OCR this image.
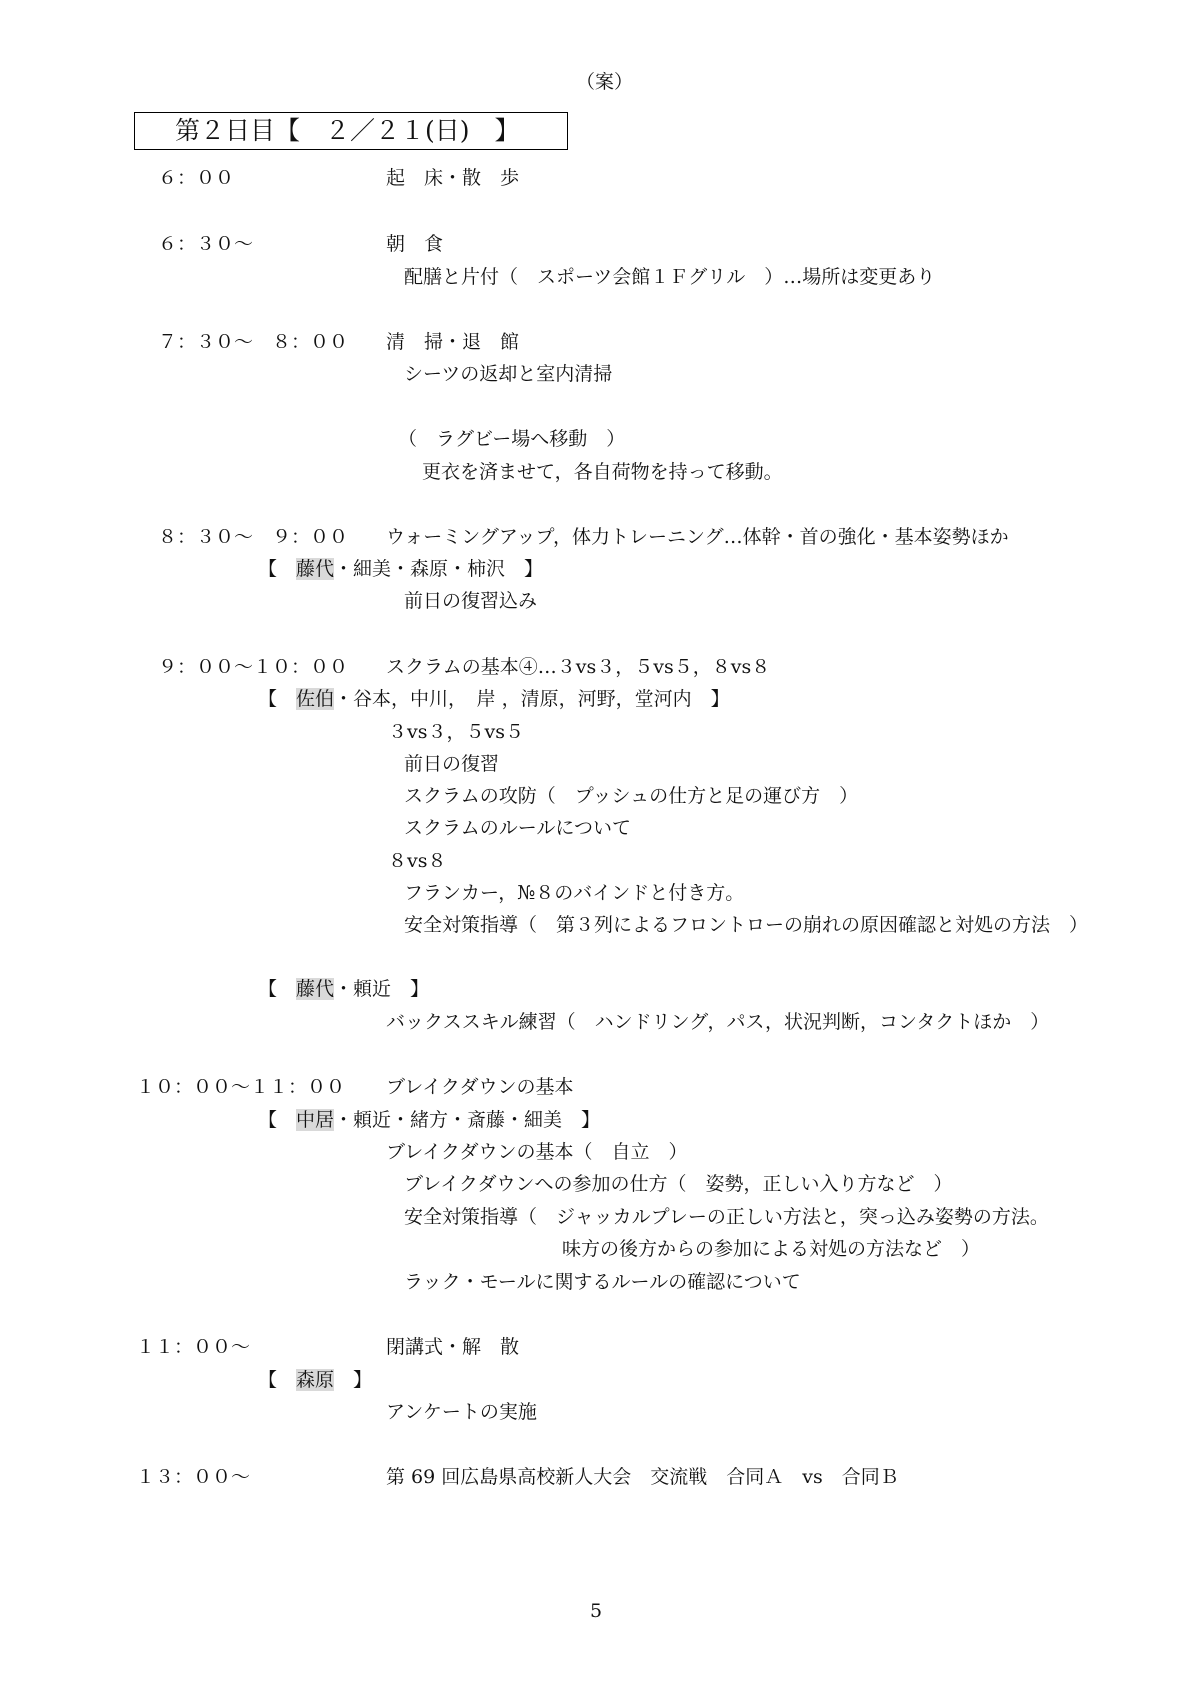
（案）
第２日目【　２／２１(日)　】
６：００	起　床・散　歩
６：３０～	朝　食
配膳と片付（　スポーツ会館１Ｆグリル　）…場所は変更あり
７：３０～　８：００ 清　掃・退　館
シーツの返却と室内清掃
（　ラグビー場へ移動　）
更衣を済ませて，各自荷物を持って移動。
８：３０～　９：００ ウォーミングアップ，体力トレーニング…体幹・首の強化・基本姿勢ほか
【　藤代・細美・森原・柿沢　】
前日の復習込み
９：００～１０：００ スクラムの基本④…３vs３，５vs５，８vs８
【　佐伯・谷本，中川，　岸 ，清原，河野，堂河内　】
３vs３，５vs５
前日の復習
スクラムの攻防（　プッシュの仕方と足の運び方　）
スクラムのルールについて
８vs８
フランカー，№８のバインドと付き方。
安全対策指導（　第３列によるフロントローの崩れの原因確認と対処の方法　）
【　藤代・頼近　】
バックススキル練習（　ハンドリング，パス，状況判断，コンタクトほか　）
１０：００～１１：００ ブレイクダウンの基本
【　中居・頼近・緒方・斎藤・細美　】
ブレイクダウンの基本（　自立　）
ブレイクダウンへの参加の仕方（　姿勢，正しい入り方など　）
安全対策指導（　ジャッカルプレーの正しい方法と，突っ込み姿勢の方法。
味方の後方からの参加による対処の方法など　）
ラック・モールに関するルールの確認について
１１：００～	閉講式・解　散
【　森原　】
アンケートの実施
１３：００～	第 69 回広島県高校新人大会　交流戦　合同Ａ　vs　合同Ｂ
5
